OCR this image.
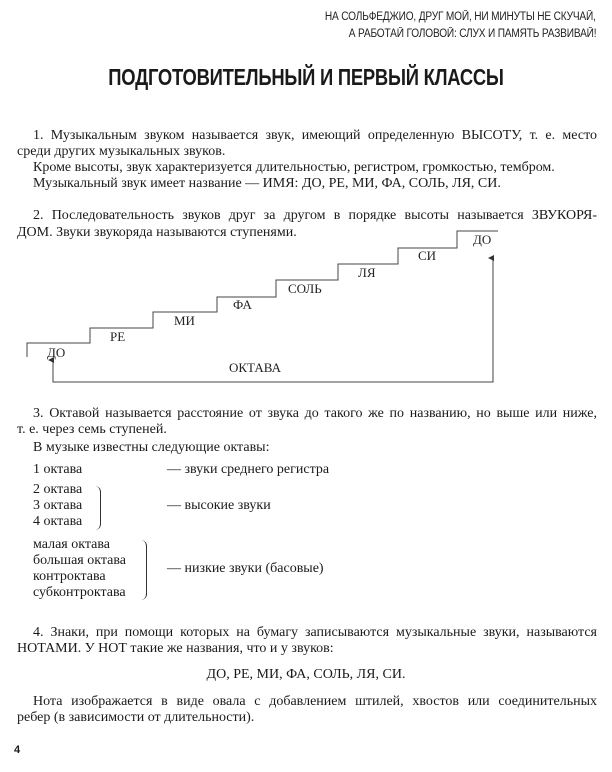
НА СОЛЬФЕДЖИО, ДРУГ МОЙ, НИ МИНУТЫ НЕ СКУЧАЙ,
А РАБОТАЙ ГОЛОВОЙ: СЛУХ И ПАМЯТЬ РАЗВИВАЙ!
ПОДГОТОВИТЕЛЬНЫЙ И ПЕРВЫЙ КЛАССЫ
1. Музыкальным звуком называется звук, имеющий определенную ВЫСОТУ, т. е. место
среди других музыкальных звуков.
Кроме высоты, звук характеризуется длительностью, регистром, громкостью, тембром.
Музыкальный звук имеет название — ИМЯ: ДО, РЕ, МИ, ФА, СОЛЬ, ЛЯ, СИ.
2. Последовательность звуков друг за другом в порядке высоты называется ЗВУКОРЯ-
ДОМ. Звуки звукоряда называются ступенями.
ДО
РЕ
МИ
ФА
СОЛЬ
ЛЯ
СИ
ДО
ОКТАВА
3. Октавой называется расстояние от звука до такого же по названию, но выше или ниже,
т. е. через семь ступеней.
В музыке известны следующие октавы:
1 октава	— звуки среднего регистра
2 октава
3 октава
4 октава
— высокие звуки
малая октава
большая октава
контроктава
субконтроктава
— низкие звуки (басовые)
4. Знаки, при помощи которых на бумагу записываются музыкальные звуки, называются
НОТАМИ. У НОТ такие же названия, что и у звуков:
ДО, РЕ, МИ, ФА, СОЛЬ, ЛЯ, СИ.
Нота изображается в виде овала с добавлением штилей, хвостов или соединительных
ребер (в зависимости от длительности).
4
